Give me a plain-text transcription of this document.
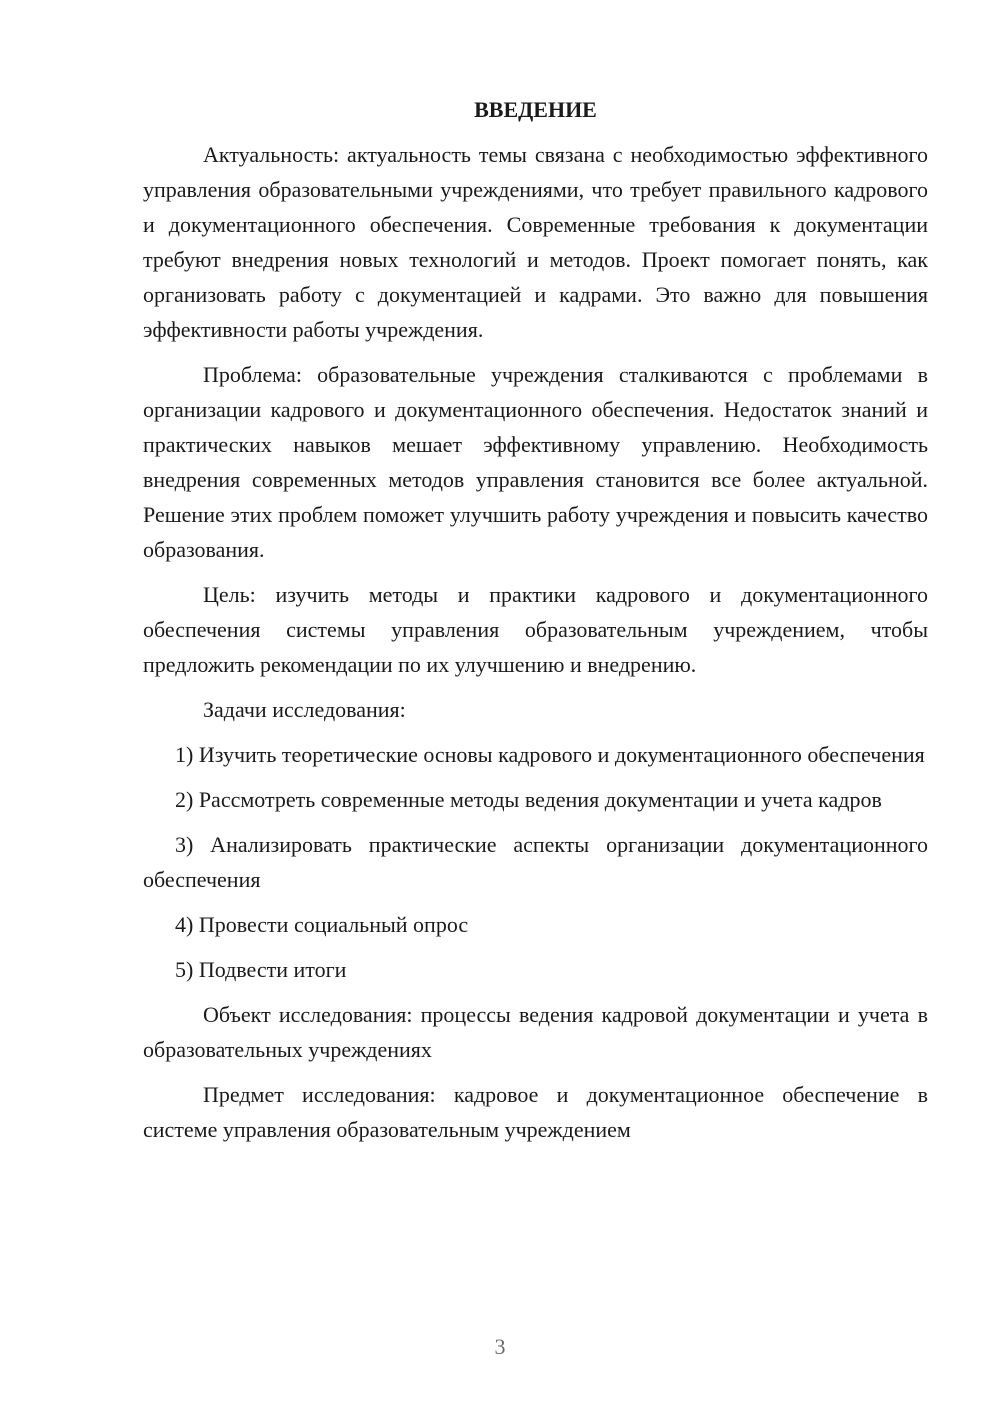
ВВЕДЕНИЕ

Актуальность: актуальность темы связана с необходимостью эффективного управления образовательными учреждениями, что требует правильного кадрового и документационного обеспечения. Современные требования к документации требуют внедрения новых технологий и методов. Проект помогает понять, как организовать работу с документацией и кадрами. Это важно для повышения эффективности работы учреждения.

Проблема: образовательные учреждения сталкиваются с проблемами в организации кадрового и документационного обеспечения. Недостаток знаний и практических навыков мешает эффективному управлению. Необходимость внедрения современных методов управления становится все более актуальной. Решение этих проблем поможет улучшить работу учреждения и повысить качество образования.

Цель: изучить методы и практики кадрового и документационного обеспечения системы управления образовательным учреждением, чтобы предложить рекомендации по их улучшению и внедрению.

Задачи исследования:

1) Изучить теоретические основы кадрового и документационного обеспечения

2) Рассмотреть современные методы ведения документации и учета кадров

3) Анализировать практические аспекты организации документационного обеспечения

4) Провести социальный опрос

5) Подвести итоги

Объект исследования: процессы ведения кадровой документации и учета в образовательных учреждениях

Предмет исследования: кадровое и документационное обеспечение в системе управления образовательным учреждением

3
